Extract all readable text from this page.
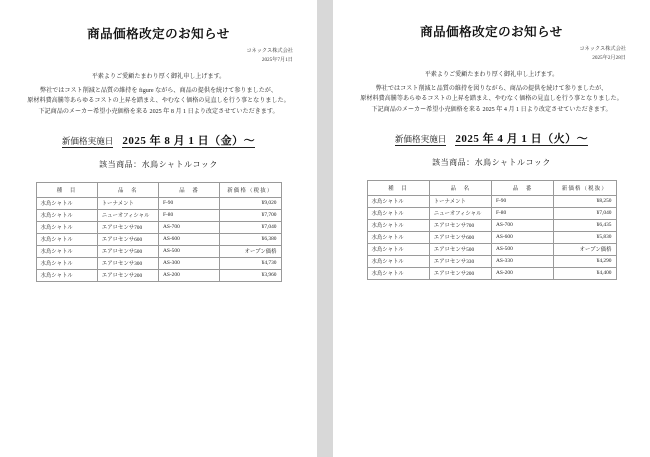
商品価格改定のお知らせ
コネックス株式会社
2025年7月1日
平素よりご愛顧たまわり厚く御礼申し上げます。

弊社ではコスト削減と品質の維持を figure ながら、商品の提供を続けて参りましたが、

原材料費高騰等あらゆるコストの上昇を踏まえ、やむなく価格の見直しを行う事となりました。

下記商品のメーカー希望小売価格を来る 2025 年 8 月 1 日より改定させていただきます。

新価格実施日 2025 年 8 月 1 日（金）〜
該当商品：水鳥シャトルコック
種　目	品　名	品　番	新価格（税抜）
水鳥シャトル	トーナメント	F-90	¥9,020
水鳥シャトル	ニューオフィシャル	F-80	¥7,700
水鳥シャトル	エアロセンサ700	AS-700	¥7,040
水鳥シャトル	エアロセンサ600	AS-600	¥6,380
水鳥シャトル	エアロセンサ500	AS-500	オープン価格
水鳥シャトル	エアロセンサ300	AS-300	¥4,730
水鳥シャトル	エアロセンサ200	AS-200	¥3,960
商品価格改定のお知らせ
コネックス株式会社
2025年2月28日
平素よりご愛顧たまわり厚く御礼申し上げます。

弊社ではコスト削減と品質の維持を図りながら、商品の提供を続けて参りましたが、

原材料費高騰等あらゆるコストの上昇を踏まえ、やむなく価格の見直しを行う事となりました。

下記商品のメーカー希望小売価格を来る 2025 年 4 月 1 日より改定させていただきます。

新価格実施日 2025 年 4 月 1 日（火）〜
該当商品：水鳥シャトルコック
種　目	品　名	品　番	新価格（税抜）
水鳥シャトル	トーナメント	F-90	¥8,250
水鳥シャトル	ニューオフィシャル	F-80	¥7,040
水鳥シャトル	エアロセンサ700	AS-700	¥6,435
水鳥シャトル	エアロセンサ600	AS-600	¥5,830
水鳥シャトル	エアロセンサ500	AS-500	オープン価格
水鳥シャトル	エアロセンサ330	AS-330	¥4,290
水鳥シャトル	エアロセンサ200	AS-200	¥4,400
